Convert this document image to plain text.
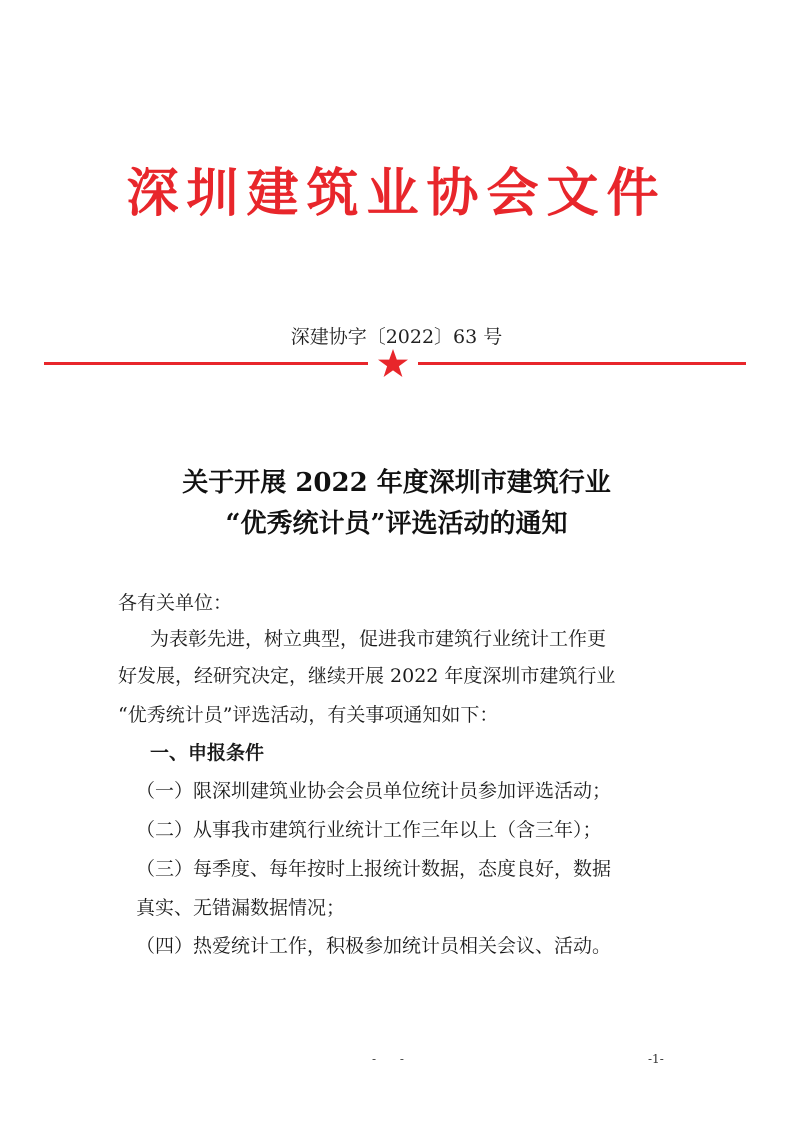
深圳建筑业协会文件
深建协字〔2022〕63 号
关于开展 2022 年度深圳市建筑行业
“优秀统计员”评选活动的通知
各有关单位：
为表彰先进，树立典型，促进我市建筑行业统计工作更
好发展，经研究决定，继续开展 2022 年度深圳市建筑行业
“优秀统计员”评选活动，有关事项通知如下：
一、申报条件
（一）限深圳建筑业协会会员单位统计员参加评选活动；
（二）从事我市建筑行业统计工作三年以上（含三年）；
（三）每季度、每年按时上报统计数据，态度良好，数据
真实、无错漏数据情况；
（四）热爱统计工作，积极参加统计员相关会议、活动。
- -	-1-
